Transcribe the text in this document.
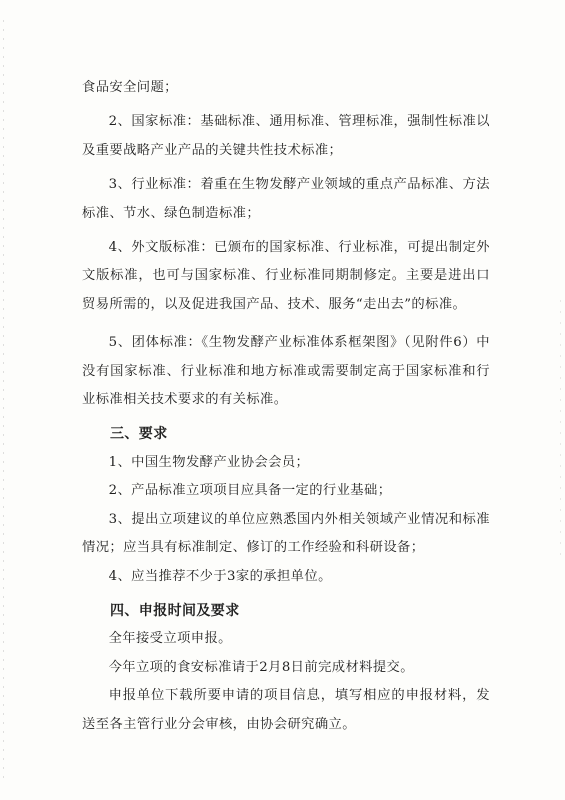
食品安全问题；

2、国家标准：基础标准、通用标准、管理标准，强制性标准以及重要战略产业产品的关键共性技术标准；

3、行业标准：着重在生物发酵产业领域的重点产品标准、方法标准、节水、绿色制造标准；

4、外文版标准：已颁布的国家标准、行业标准，可提出制定外文版标准，也可与国家标准、行业标准同期制修定。主要是进出口贸易所需的，以及促进我国产品、技术、服务“走出去”的标准。

5、团体标准：《生物发酵产业标准体系框架图》（见附件6）中没有国家标准、行业标准和地方标准或需要制定高于国家标准和行业标准相关技术要求的有关标准。

三、要求

1、中国生物发酵产业协会会员；

2、产品标准立项项目应具备一定的行业基础；

3、提出立项建议的单位应熟悉国内外相关领域产业情况和标准情况；应当具有标准制定、修订的工作经验和科研设备；

4、应当推荐不少于3家的承担单位。

四、申报时间及要求

全年接受立项申报。

今年立项的食安标准请于2月8日前完成材料提交。

申报单位下载所要申请的项目信息，填写相应的申报材料，发送至各主管行业分会审核，由协会研究确立。
